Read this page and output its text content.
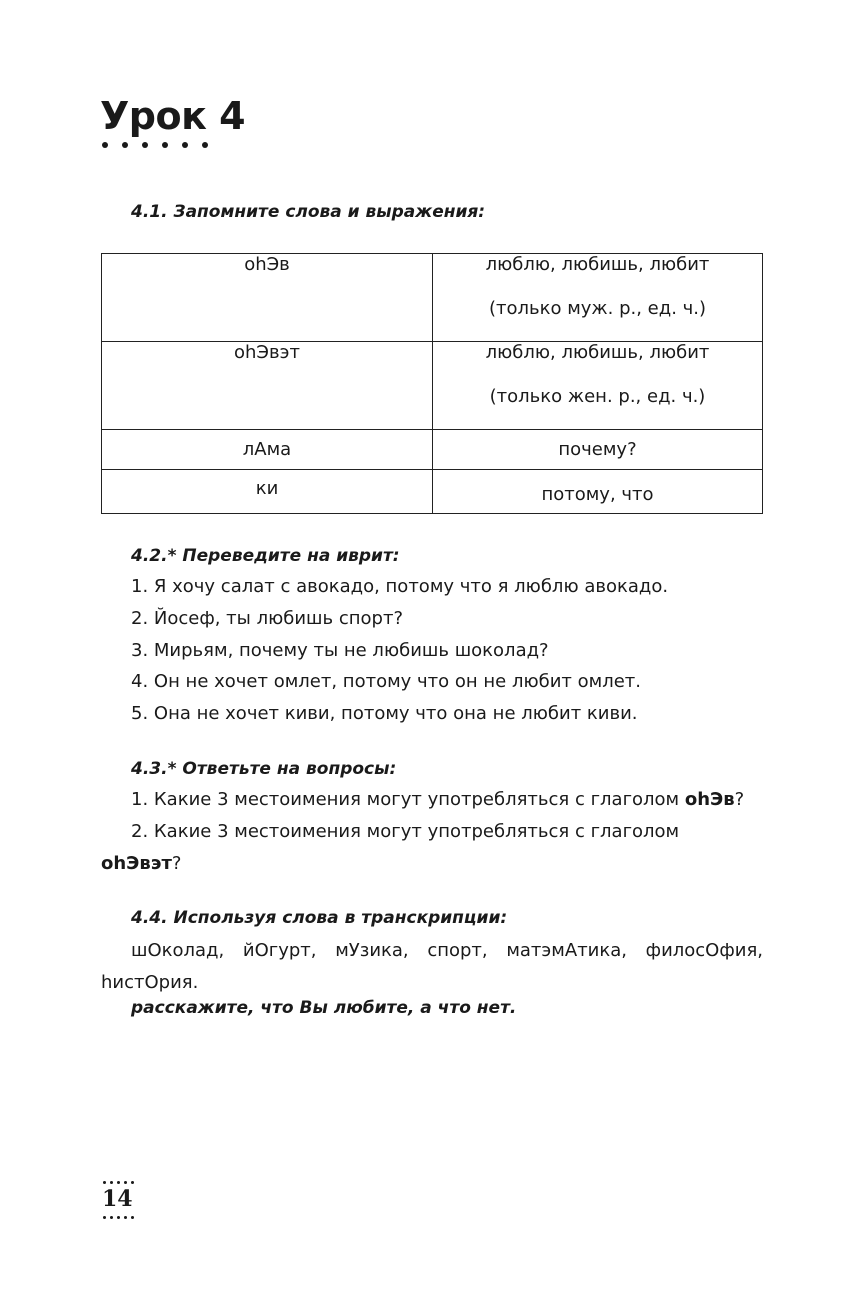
Урок 4
4.1. Запомните слова и выражения:
ohЭв	люблю, любишь, любит
(только муж. р., ед. ч.)

ohЭвэт	люблю, любишь, любит
(только жен. р., ед. ч.)

лАма	почему?
ки	потому, что
4.2.* Переведите на иврит:
1. Я хочу салат с авокадо, потому что я люблю авокадо.
2. Йосеф, ты любишь спорт?
3. Мирьям, почему ты не любишь шоколад?
4. Он не хочет омлет, потому что он не любит омлет.
5. Она не хочет киви, потому что она не любит киви.
4.3.* Ответьте на вопросы:
1. Какие 3 местоимения могут употребляться с глаголом ohЭв?
2. Какие 3 местоимения могут употребляться с глаголом
ohЭвэт?
4.4. Используя слова в транскрипции:
шОколад, йОгурт, мУзика, спорт, матэмАтика, филосОфия,
hистОрия.
расскажите, что Вы любите, а что нет.
14
